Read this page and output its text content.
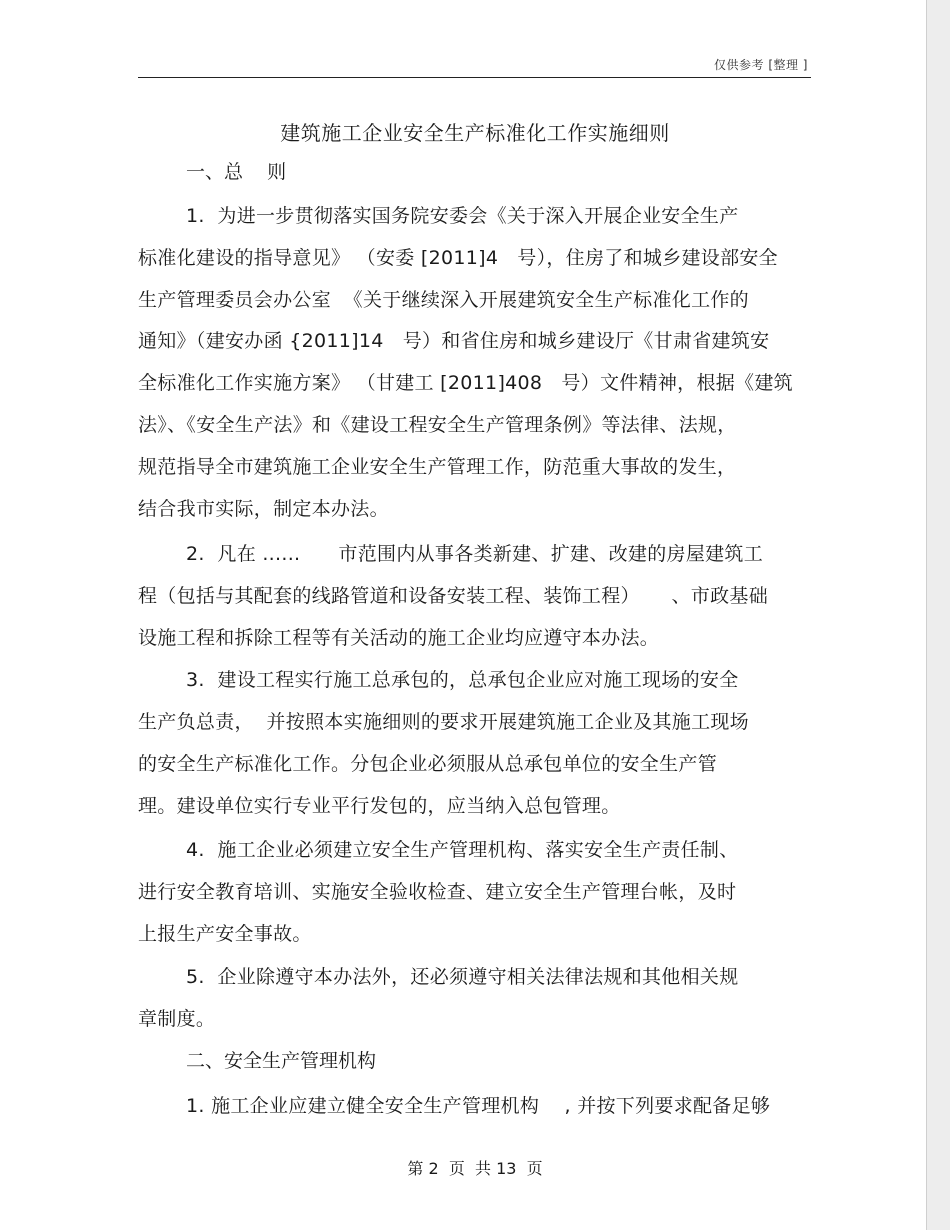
仅供参考 [整理 ]
建筑施工企业安全生产标准化工作实施细则
一、总    则
1.  为进一步贯彻落实国务院安委会《关于深入开展企业安全生产
标准化建设的指导意见》 （安委 [2011]4   号），住房了和城乡建设部安全
生产管理委员会办公室  《关于继续深入开展建筑安全生产标准化工作的
通知》（建安办函 {2011]14   号）和省住房和城乡建设厅《甘肃省建筑安
全标准化工作实施方案》 （甘建工 [2011]408   号）文件精神，根据《建筑
法》、《安全生产法》和《建设工程安全生产管理条例》等法律、法规，
规范指导全市建筑施工企业安全生产管理工作，防范重大事故的发生，
结合我市实际，制定本办法。
2.  凡在 ......      市范围内从事各类新建、扩建、改建的房屋建筑工
程（包括与其配套的线路管道和设备安装工程、装饰工程）     、市政基础
设施工程和拆除工程等有关活动的施工企业均应遵守本办法。
3.  建设工程实行施工总承包的，总承包企业应对施工现场的安全
生产负总责，  并按照本实施细则的要求开展建筑施工企业及其施工现场
的安全生产标准化工作。分包企业必须服从总承包单位的安全生产管
理。建设单位实行专业平行发包的，应当纳入总包管理。
4.  施工企业必须建立安全生产管理机构、落实安全生产责任制、
进行安全教育培训、实施安全验收检查、建立安全生产管理台帐，及时
上报生产安全事故。
5.  企业除遵守本办法外，还必须遵守相关法律法规和其他相关规
章制度。
二、安全生产管理机构
1. 施工企业应建立健全安全生产管理机构    , 并按下列要求配备足够
第 2  页  共 13  页
